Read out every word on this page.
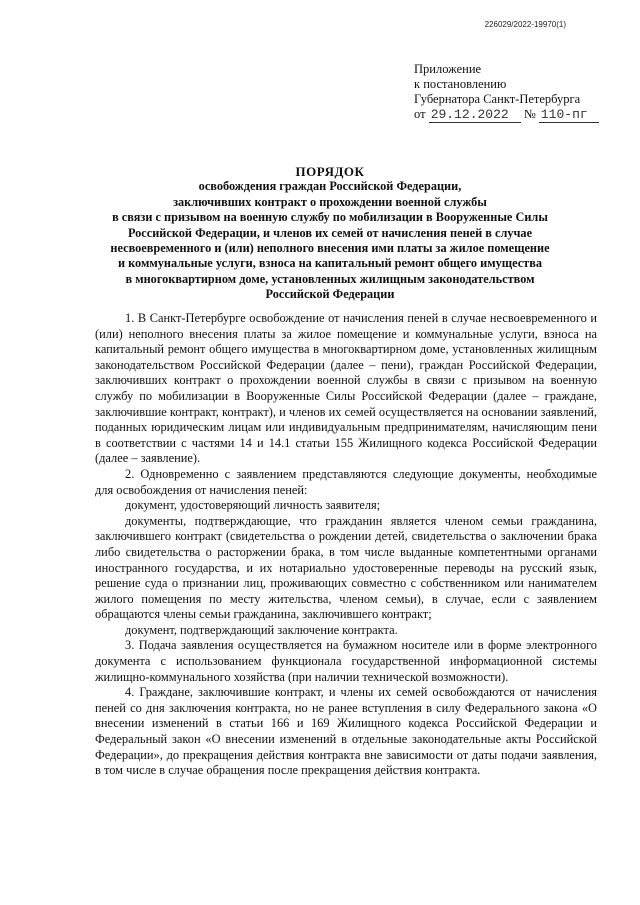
226029/2022-19970(1)
Приложение
к постановлению
Губернатора Санкт-Петербурга
от 29.12.2022 № 110-пг
ПОРЯДОК
освобождения граждан Российской Федерации,
заключивших контракт о прохождении военной службы
в связи с призывом на военную службу по мобилизации в Вооруженные Силы
Российской Федерации, и членов их семей от начисления пеней в случае
несвоевременного и (или) неполного внесения ими платы за жилое помещение
и коммунальные услуги, взноса на капитальный ремонт общего имущества
в многоквартирном доме, установленных жилищным законодательством
Российской Федерации

1. В Санкт-Петербурге освобождение от начисления пеней в случае несвоевременного и (или) неполного внесения платы за жилое помещение и коммунальные услуги, взноса на капитальный ремонт общего имущества в многоквартирном доме, установленных жилищным законодательством Российской Федерации (далее – пени), граждан Российской Федерации, заключивших контракт о прохождении военной службы в связи с призывом на военную службу по мобилизации в Вооруженные Силы Российской Федерации (далее – граждане, заключившие контракт, контракт), и членов их семей осуществляется на основании заявлений, поданных юридическим лицам или индивидуальным предпринимателям, начисляющим пени в соответствии с частями 14 и 14.1 статьи 155 Жилищного кодекса Российской Федерации (далее – заявление).

2. Одновременно с заявлением представляются следующие документы, необходимые для освобождения от начисления пеней:

документ, удостоверяющий личность заявителя;

документы, подтверждающие, что гражданин является членом семьи гражданина, заключившего контракт (свидетельства о рождении детей, свидетельства о заключении брака либо свидетельства о расторжении брака, в том числе выданные компетентными органами иностранного государства, и их нотариально удостоверенные переводы на русский язык, решение суда о признании лиц, проживающих совместно с собственником или нанимателем жилого помещения по месту жительства, членом семьи), в случае, если с заявлением обращаются члены семьи гражданина, заключившего контракт;

документ, подтверждающий заключение контракта.

3. Подача заявления осуществляется на бумажном носителе или в форме электронного документа с использованием функционала государственной информационной системы жилищно-коммунального хозяйства (при наличии технической возможности).

4. Граждане, заключившие контракт, и члены их семей освобождаются от начисления пеней со дня заключения контракта, но не ранее вступления в силу Федерального закона «О внесении изменений в статьи 166 и 169 Жилищного кодекса Российской Федерации и Федеральный закон «О внесении изменений в отдельные законодательные акты Российской Федерации», до прекращения действия контракта вне зависимости от даты подачи заявления, в том числе в случае обращения после прекращения действия контракта.
